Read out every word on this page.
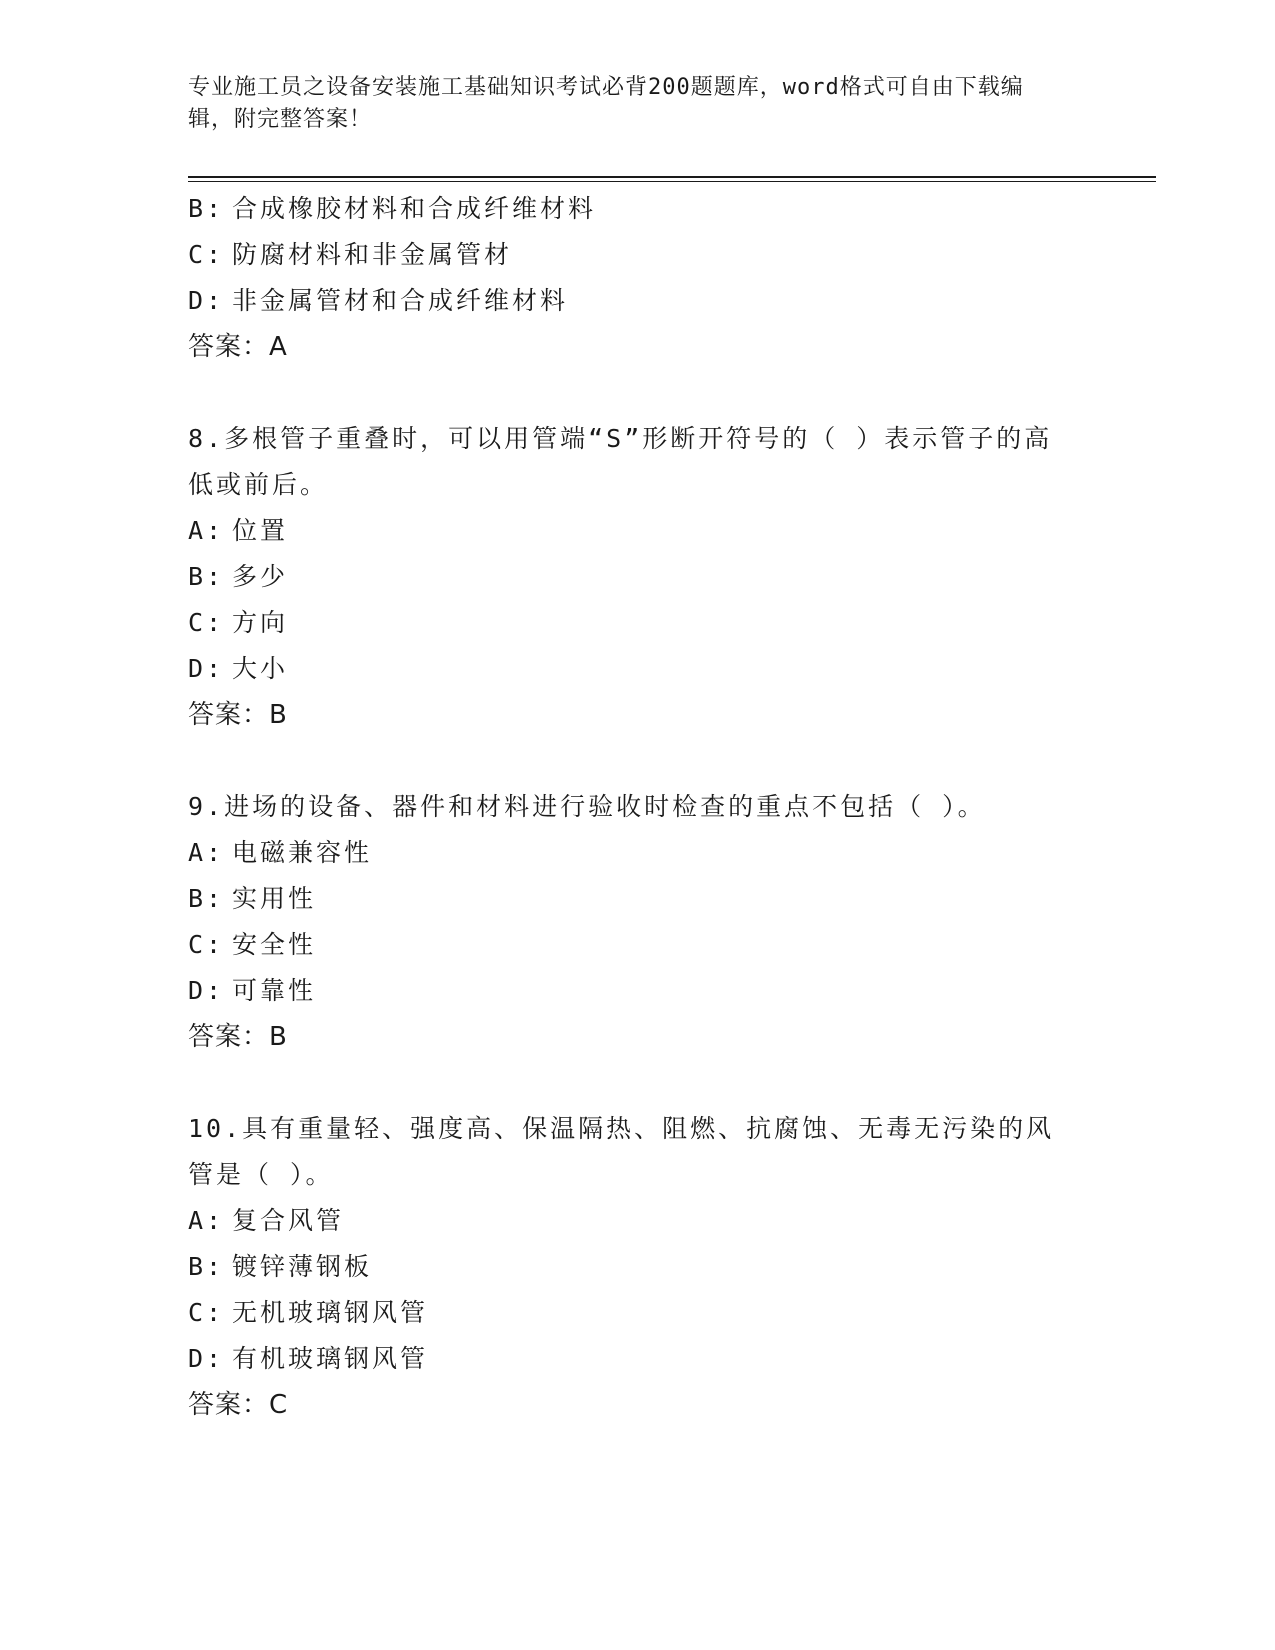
专业施工员之设备安装施工基础知识考试必背200题题库，word格式可自由下载编辑，附完整答案！
B: 合成橡胶材料和合成纤维材料
C: 防腐材料和非金属管材
D: 非金属管材和合成纤维材料
答案：A
8.多根管子重叠时，可以用管端“S”形断开符号的（ ）表示管子的高低或前后。
A: 位置
B: 多少
C: 方向
D: 大小
答案：B
9.进场的设备、器件和材料进行验收时检查的重点不包括（ ）。
A: 电磁兼容性
B: 实用性
C: 安全性
D: 可靠性
答案：B
10.具有重量轻、强度高、保温隔热、阻燃、抗腐蚀、无毒无污染的风管是（ ）。
A: 复合风管
B: 镀锌薄钢板
C: 无机玻璃钢风管
D: 有机玻璃钢风管
答案：C
